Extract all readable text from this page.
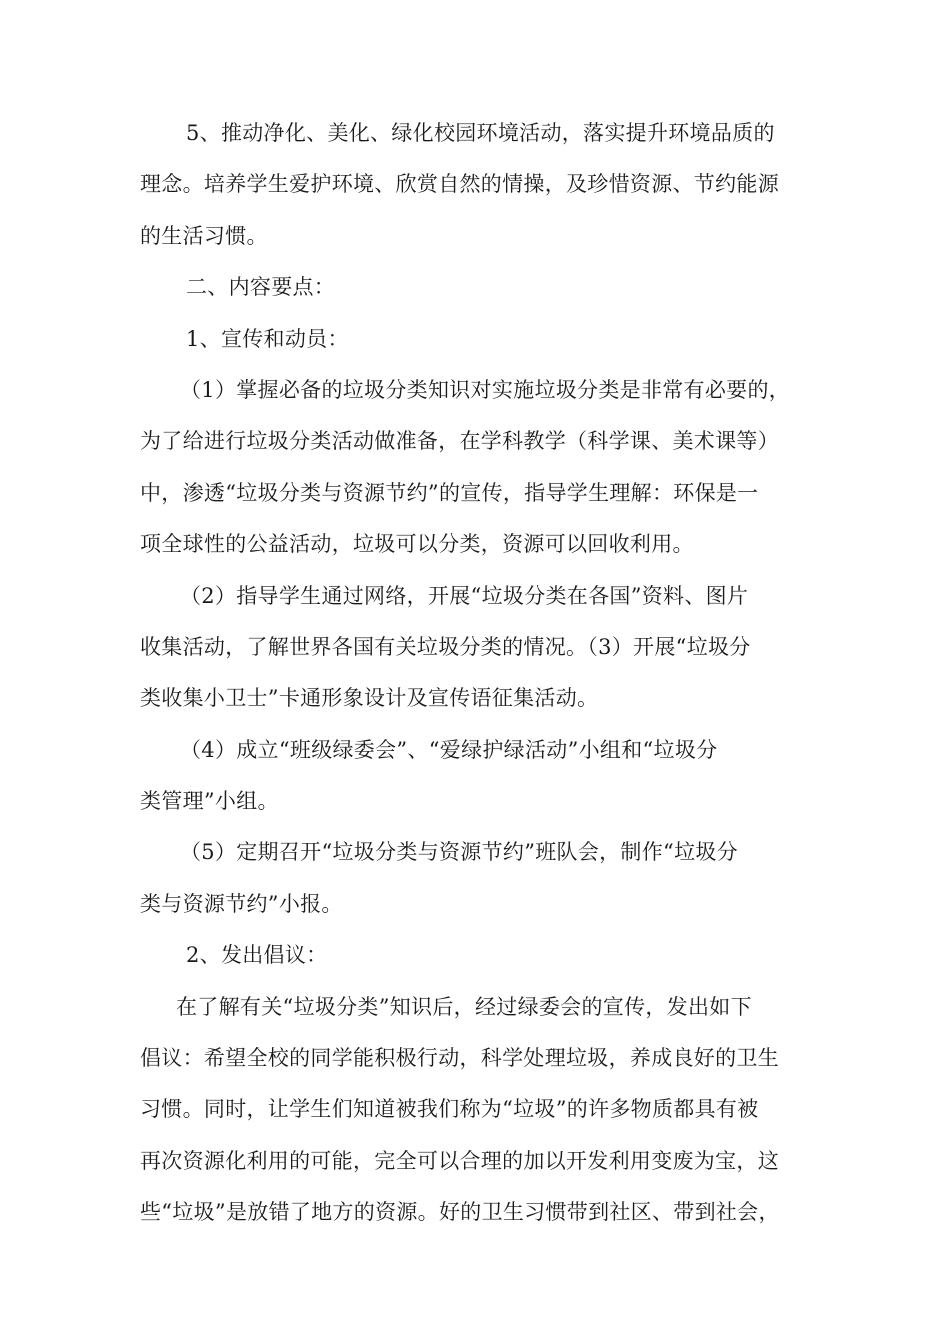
5、推动净化、美化、绿化校园环境活动，落实提升环境品质的
理念。培养学生爱护环境、欣赏自然的情操，及珍惜资源、节约能源
的生活习惯。
二、内容要点：
1、宣传和动员：
（1）掌握必备的垃圾分类知识对实施垃圾分类是非常有必要的，
为了给进行垃圾分类活动做准备，在学科教学（科学课、美术课等）
中，渗透“垃圾分类与资源节约”的宣传，指导学生理解：环保是一
项全球性的公益活动，垃圾可以分类，资源可以回收利用。
（2）指导学生通过网络，开展“垃圾分类在各国”资料、图片
收集活动，了解世界各国有关垃圾分类的情况。（3）开展“垃圾分
类收集小卫士”卡通形象设计及宣传语征集活动。
（4）成立“班级绿委会”、“爱绿护绿活动”小组和“垃圾分
类管理”小组。
（5）定期召开“垃圾分类与资源节约”班队会，制作“垃圾分
类与资源节约”小报。
2、发出倡议：
在了解有关“垃圾分类”知识后，经过绿委会的宣传，发出如下
倡议：希望全校的同学能积极行动，科学处理垃圾，养成良好的卫生
习惯。同时，让学生们知道被我们称为“垃圾”的许多物质都具有被
再次资源化利用的可能，完全可以合理的加以开发利用变废为宝，这
些“垃圾”是放错了地方的资源。好的卫生习惯带到社区、带到社会，
